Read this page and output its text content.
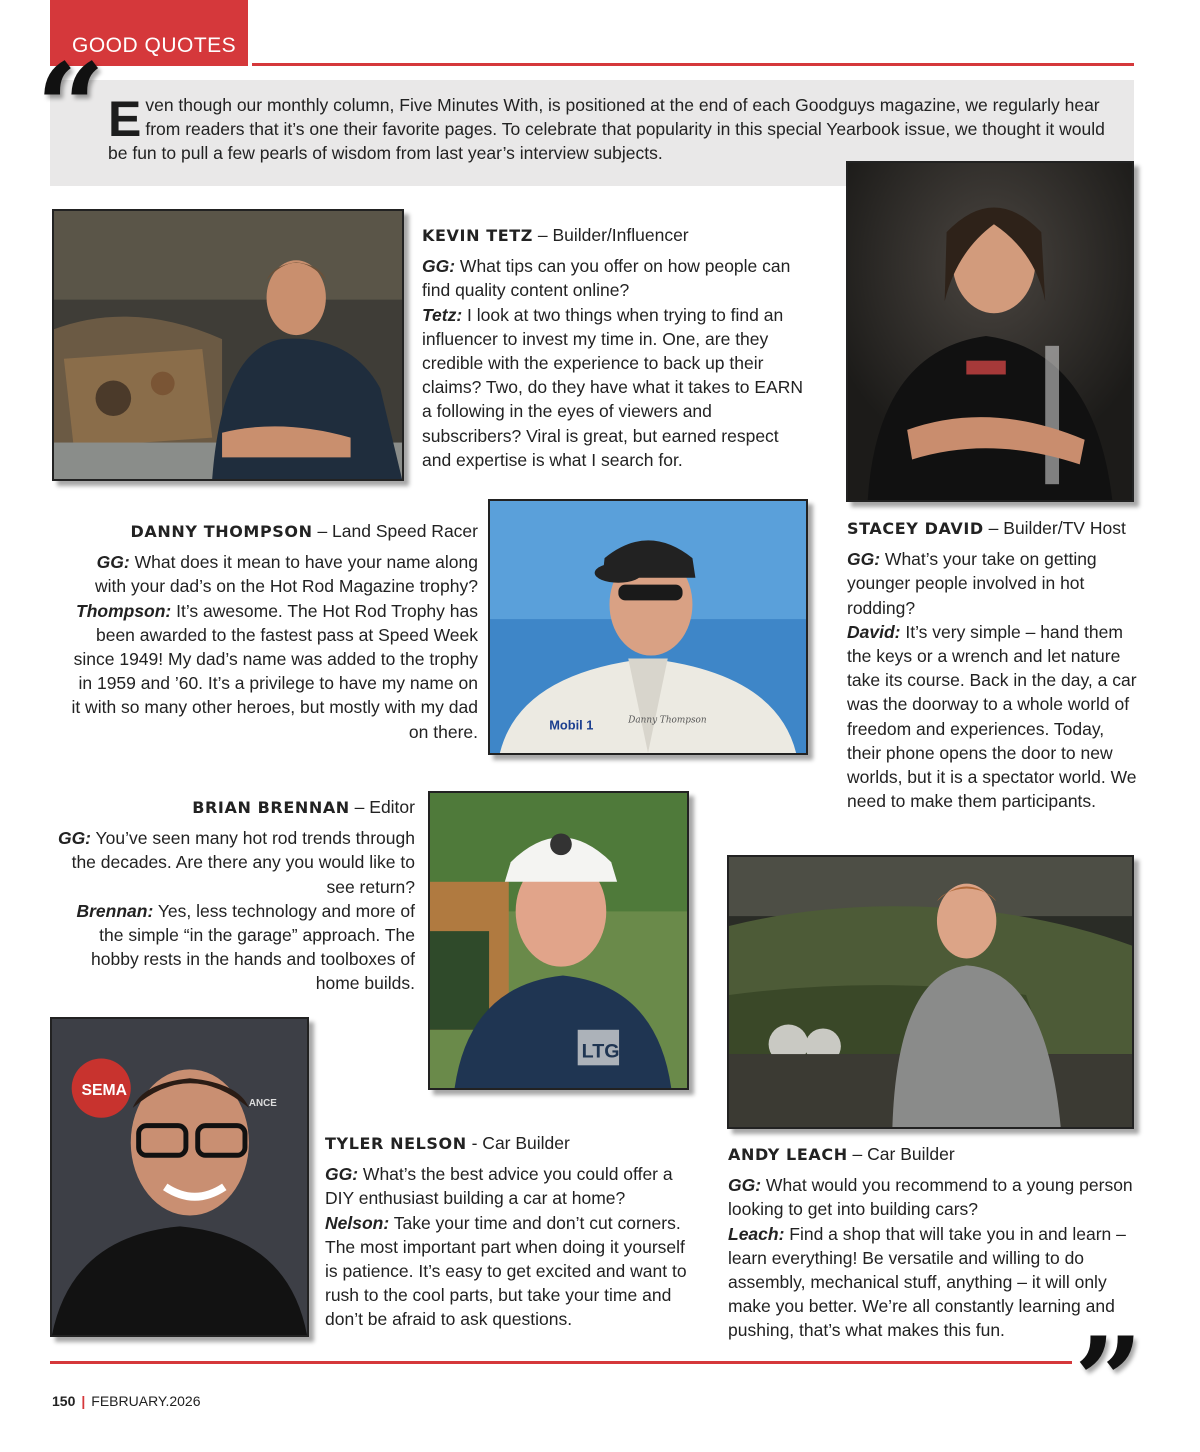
GOOD QUOTES
“ Even though our monthly column, Five Minutes With, is positioned at the end of each Goodguys magazine, we regularly hear from readers that it’s one their favorite pages. To celebrate that popularity in this special Yearbook issue, we thought it would be fun to pull a few pearls of wisdom from last year’s interview subjects.

KEVIN TETZ – Builder/Influencer

GG: What tips can you offer on how people can find quality content online?

Tetz: I look at two things when trying to find an influencer to invest my time in. One, are they credible with the experience to back up their claims? Two, do they have what it takes to EARN a following in the eyes of viewers and subscribers? Viral is great, but earned respect and expertise is what I search for.

STACEY DAVID – Builder/TV Host

GG: What’s your take on getting younger people involved in hot rodding?

David: It’s very simple – hand them the keys or a wrench and let nature take its course. Back in the day, a car was the doorway to a whole world of freedom and experiences. Today, their phone opens the door to new worlds, but it is a spectator world. We need to make them participants.

DANNY THOMPSON – Land Speed Racer

GG: What does it mean to have your name along with your dad’s on the Hot Rod Magazine trophy?

Thompson: It’s awesome. The Hot Rod Trophy has been awarded to the fastest pass at Speed Week since 1949! My dad’s name was added to the trophy in 1959 and ’60. It’s a privilege to have my name on it with so many other heroes, but mostly with my dad on there.	Mobil 1	Danny Thompson

BRIAN BRENNAN – Editor

GG: You’ve seen many hot rod trends through the decades. Are there any you would like to see return?

Brennan: Yes, less technology and more of the simple “in the garage” approach. The hobby rests in the hands and toolboxes of home builds.

LTG
SEMA
ANCE

TYLER NELSON - Car Builder

GG: What’s the best advice you could offer a DIY enthusiast building a car at home?

Nelson: Take your time and don’t cut corners. The most important part when doing it yourself is patience. It’s easy to get excited and want to rush to the cool parts, but take your time and don’t be afraid to ask questions.

ANDY LEACH – Car Builder

GG: What would you recommend to a young person looking to get into building cars?

Leach: Find a shop that will take you in and learn – learn everything! Be versatile and willing to do assembly, mechanical stuff, anything – it will only make you better. We’re all constantly learning and pushing, that’s what makes this fun. ”
150 | FEBRUARY.2026
